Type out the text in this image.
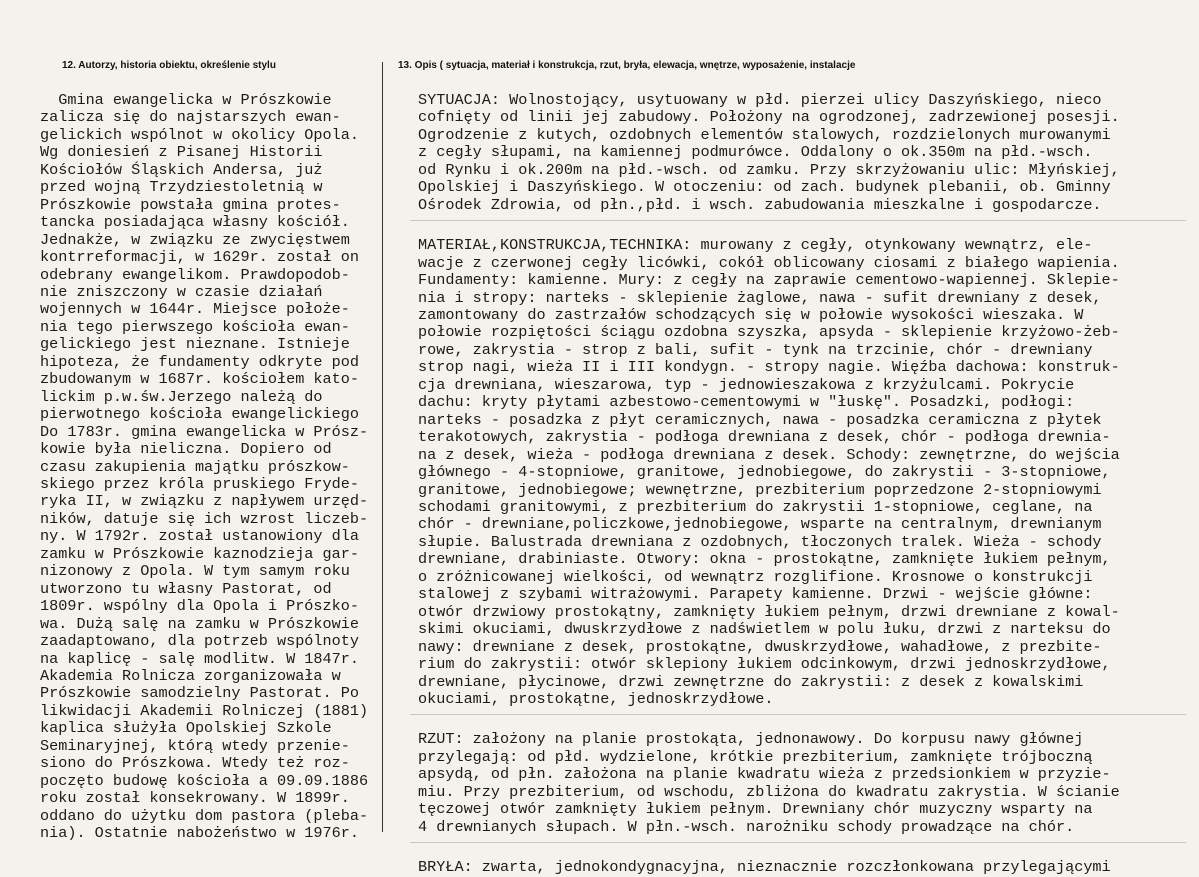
12. Autorzy, historia obiektu, określenie stylu	13. Opis ( sytuacja, materiał i konstrukcja, rzut, bryła, elewacja, wnętrze, wyposażenie, instalacje
Gmina ewangelicka w Prószkowie
zalicza się do najstarszych ewan-
gelickich wspólnot w okolicy Opola.
Wg doniesień z Pisanej Historii
Kościołów Śląskich Andersa, już
przed wojną Trzydziestoletnią w
Prószkowie powstała gmina protes-
tancka posiadająca własny kościół.
Jednakże, w związku ze zwycięstwem
kontrreformacji, w 1629r. został on
odebrany ewangelikom. Prawdopodob-
nie zniszczony w czasie działań
wojennych w 1644r. Miejsce położe-
nia tego pierwszego kościoła ewan-
gelickiego jest nieznane. Istnieje
hipoteza, że fundamenty odkryte pod
zbudowanym w 1687r. kościołem kato-
lickim p.w.św.Jerzego należą do
pierwotnego kościoła ewangelickiego
Do 1783r. gmina ewangelicka w Prósz-
kowie była nieliczna. Dopiero od
czasu zakupienia majątku prószkow-
skiego przez króla pruskiego Fryde-
ryka II, w związku z napływem urzęd-
ników, datuje się ich wzrost liczeb-
ny. W 1792r. został ustanowiony dla
zamku w Prószkowie kaznodzieja gar-
nizonowy z Opola. W tym samym roku
utworzono tu własny Pastorat, od
1809r. wspólny dla Opola i Prószko-
wa. Dużą salę na zamku w Prószkowie
zaadaptowano, dla potrzeb wspólnoty
na kaplicę - salę modlitw. W 1847r.
Akademia Rolnicza zorganizowała w
Prószkowie samodzielny Pastorat. Po
likwidacji Akademii Rolniczej (1881)
kaplica służyła Opolskiej Szkole
Seminaryjnej, którą wtedy przenie-
siono do Prószkowa. Wtedy też roz-
poczęto budowę kościoła a 09.09.1886
roku został konsekrowany. W 1899r.
oddano do użytku dom pastora (pleba-
nia). Ostatnie nabożeństwo w 1976r.
SYTUACJA: Wolnostojący, usytuowany w płd. pierzei ulicy Daszyńskiego, nieco
cofnięty od linii jej zabudowy. Położony na ogrodzonej, zadrzewionej posesji.
Ogrodzenie z kutych, ozdobnych elementów stalowych, rozdzielonych murowanymi
z cegły słupami, na kamiennej podmurówce. Oddalony o ok.350m na płd.-wsch.
od Rynku i ok.200m na płd.-wsch. od zamku. Przy skrzyżowaniu ulic: Młyńskiej,
Opolskiej i Daszyńskiego. W otoczeniu: od zach. budynek plebanii, ob. Gminny
Ośrodek Zdrowia, od płn.,płd. i wsch. zabudowania mieszkalne i gospodarcze.
MATERIAŁ,KONSTRUKCJA,TECHNIKA: murowany z cegły, otynkowany wewnątrz, ele-
wacje z czerwonej cegły licówki, cokół oblicowany ciosami z białego wapienia.
Fundamenty: kamienne. Mury: z cegły na zaprawie cementowo-wapiennej. Sklepie-
nia i stropy: narteks - sklepienie żaglowe, nawa - sufit drewniany z desek,
zamontowany do zastrzałów schodzących się w połowie wysokości wieszaka. W
połowie rozpiętości ściągu ozdobna szyszka, apsyda - sklepienie krzyżowo-żeb-
rowe, zakrystia - strop z bali, sufit - tynk na trzcinie, chór - drewniany
strop nagi, wieża II i III kondygn. - stropy nagie. Więźba dachowa: konstruk-
cja drewniana, wieszarowa, typ - jednowieszakowa z krzyżulcami. Pokrycie
dachu: kryty płytami azbestowo-cementowymi w "łuskę". Posadzki, podłogi:
narteks - posadzka z płyt ceramicznych, nawa - posadzka ceramiczna z płytek
terakotowych, zakrystia - podłoga drewniana z desek, chór - podłoga drewnia-
na z desek, wieża - podłoga drewniana z desek. Schody: zewnętrzne, do wejścia
głównego - 4-stopniowe, granitowe, jednobiegowe, do zakrystii - 3-stopniowe,
granitowe, jednobiegowe; wewnętrzne, prezbiterium poprzedzone 2-stopniowymi
schodami granitowymi, z prezbiterium do zakrystii 1-stopniowe, ceglane, na
chór - drewniane,policzkowe,jednobiegowe, wsparte na centralnym, drewnianym
słupie. Balustrada drewniana z ozdobnych, tłoczonych tralek. Wieża - schody
drewniane, drabiniaste. Otwory: okna - prostokątne, zamknięte łukiem pełnym,
o zróżnicowanej wielkości, od wewnątrz rozglifione. Krosnowe o konstrukcji
stalowej z szybami witrażowymi. Parapety kamienne. Drzwi - wejście główne:
otwór drzwiowy prostokątny, zamknięty łukiem pełnym, drzwi drewniane z kowal-
skimi okuciami, dwuskrzydłowe z nadświetlem w polu łuku, drzwi z narteksu do
nawy: drewniane z desek, prostokątne, dwuskrzydłowe, wahadłowe, z prezbite-
rium do zakrystii: otwór sklepiony łukiem odcinkowym, drzwi jednoskrzydłowe,
drewniane, płycinowe, drzwi zewnętrzne do zakrystii: z desek z kowalskimi
okuciami, prostokątne, jednoskrzydłowe.
RZUT: założony na planie prostokąta, jednonawowy. Do korpusu nawy głównej
przylegają: od płd. wydzielone, krótkie prezbiterium, zamknięte trójboczną
apsydą, od płn. założona na planie kwadratu wieża z przedsionkiem w przyzie-
miu. Przy prezbiterium, od wschodu, zbliżona do kwadratu zakrystia. W ścianie
tęczowej otwór zamknięty łukiem pełnym. Drewniany chór muzyczny wsparty na
4 drewnianych słupach. W płn.-wsch. narożniku schody prowadzące na chór.
BRYŁA: zwarta, jednokondygnacyjna, nieznacznie rozczłonkowana przylegającymi
